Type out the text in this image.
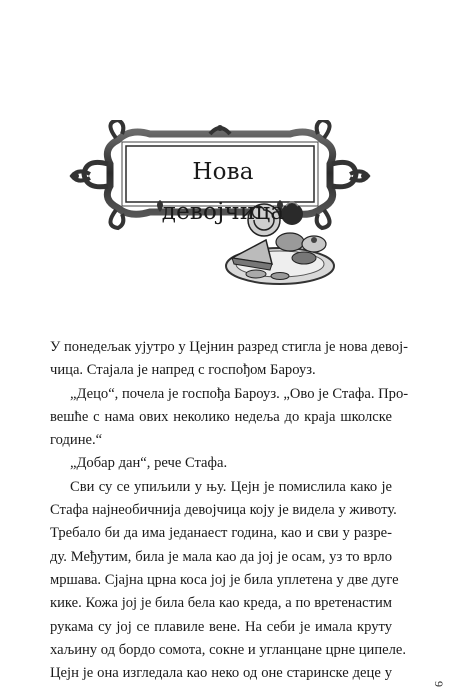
Нова девојчица
У понедељак ујутро у Цејнин разред стигла је нова девој-
чица. Стајала је напред с госпођом Бароуз.
„Децо“, почела је госпођа Бароуз. „Ово је Стафа. Про-
вешће с нама ових неколико недеља до краја школске
године.“
„Добар дан“, рече Стафа.
Сви су се упиљили у њу. Цејн је помислила како је
Стафа најнеобичнија девојчица коју је видела у животу.
Требало би да има једанаест година, као и сви у разре-
ду. Међутим, била је мала као да јој је осам, уз то врло
мршава. Сјајна црна коса јој је била уплетена у две дуге
кике. Кожа јој је била бела као креда, а по вретенастим
рукама су јој се плавиле вене. На себи је имала круту
хаљину од бордо сомота, сокне и угланцане црне ципеле.
Цејн је она изгледала као неко од оне старинске деце у
9
